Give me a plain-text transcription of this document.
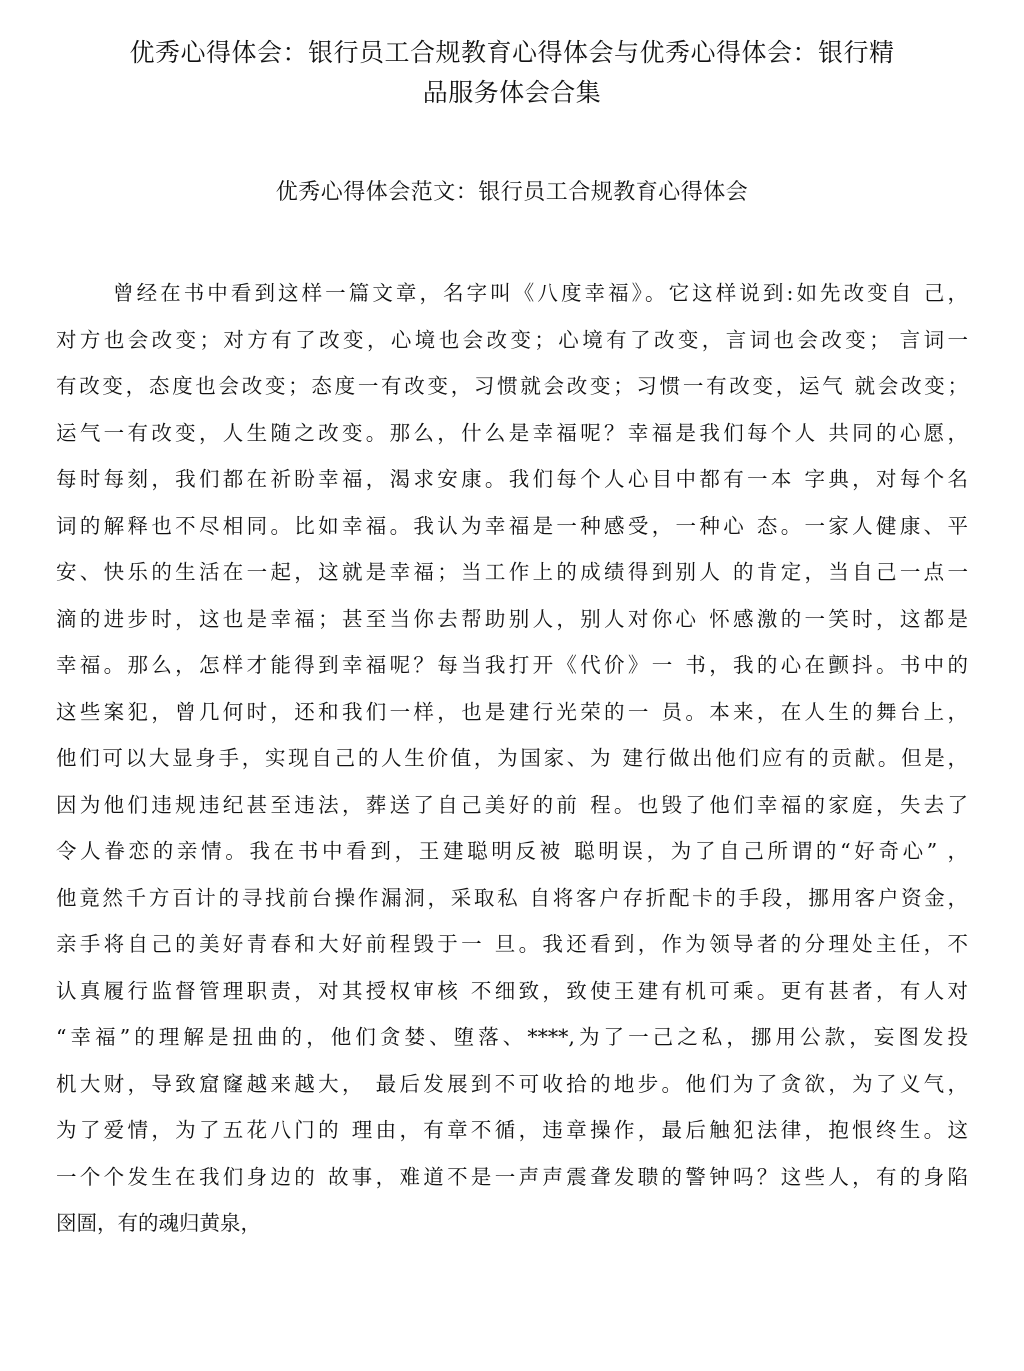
优秀心得体会：银行员工合规教育心得体会与优秀心得体会：银行精
品服务体会合集
优秀心得体会范文：银行员工合规教育心得体会
曾经在书中看到这样一篇文章，名字叫《八度幸福》。它这样说到:如先改变自 己，
对方也会改变；对方有了改变，心境也会改变；心境有了改变，言词也会改变； 言词一
有改变，态度也会改变；态度一有改变，习惯就会改变；习惯一有改变，运气 就会改变；
运气一有改变，人生随之改变。那么，什么是幸福呢？幸福是我们每个人 共同的心愿，
每时每刻，我们都在祈盼幸福，渴求安康。我们每个人心目中都有一本 字典，对每个名
词的解释也不尽相同。比如幸福。我认为幸福是一种感受，一种心 态。一家人健康、平
安、快乐的生活在一起，这就是幸福；当工作上的成绩得到别人 的肯定，当自己一点一
滴的进步时，这也是幸福；甚至当你去帮助别人，别人对你心 怀感激的一笑时，这都是
幸福。那么，怎样才能得到幸福呢？每当我打开《代价》一 书，我的心在颤抖。书中的
这些案犯，曾几何时，还和我们一样，也是建行光荣的一 员。本来，在人生的舞台上，
他们可以大显身手，实现自己的人生价值，为国家、为 建行做出他们应有的贡献。但是，
因为他们违规违纪甚至违法，葬送了自己美好的前 程。也毁了他们幸福的家庭，失去了
令人眷恋的亲情。我在书中看到，王建聪明反被 聪明误，为了自己所谓的“好奇心” ，
他竟然千方百计的寻找前台操作漏洞，采取私 自将客户存折配卡的手段，挪用客户资金，
亲手将自己的美好青春和大好前程毁于一 旦。我还看到，作为领导者的分理处主任，不
认真履行监督管理职责，对其授权审核 不细致，致使王建有机可乘。更有甚者，有人对
“幸福”的理解是扭曲的，他们贪婪、堕落、****,为了一己之私，挪用公款，妄图发投
机大财，导致窟窿越来越大， 最后发展到不可收拾的地步。他们为了贪欲，为了义气，
为了爱情，为了五花八门的 理由，有章不循，违章操作，最后触犯法律，抱恨终生。这
一个个发生在我们身边的 故事，难道不是一声声震聋发聩的警钟吗？这些人，有的身陷
囹圄，有的魂归黄泉，
